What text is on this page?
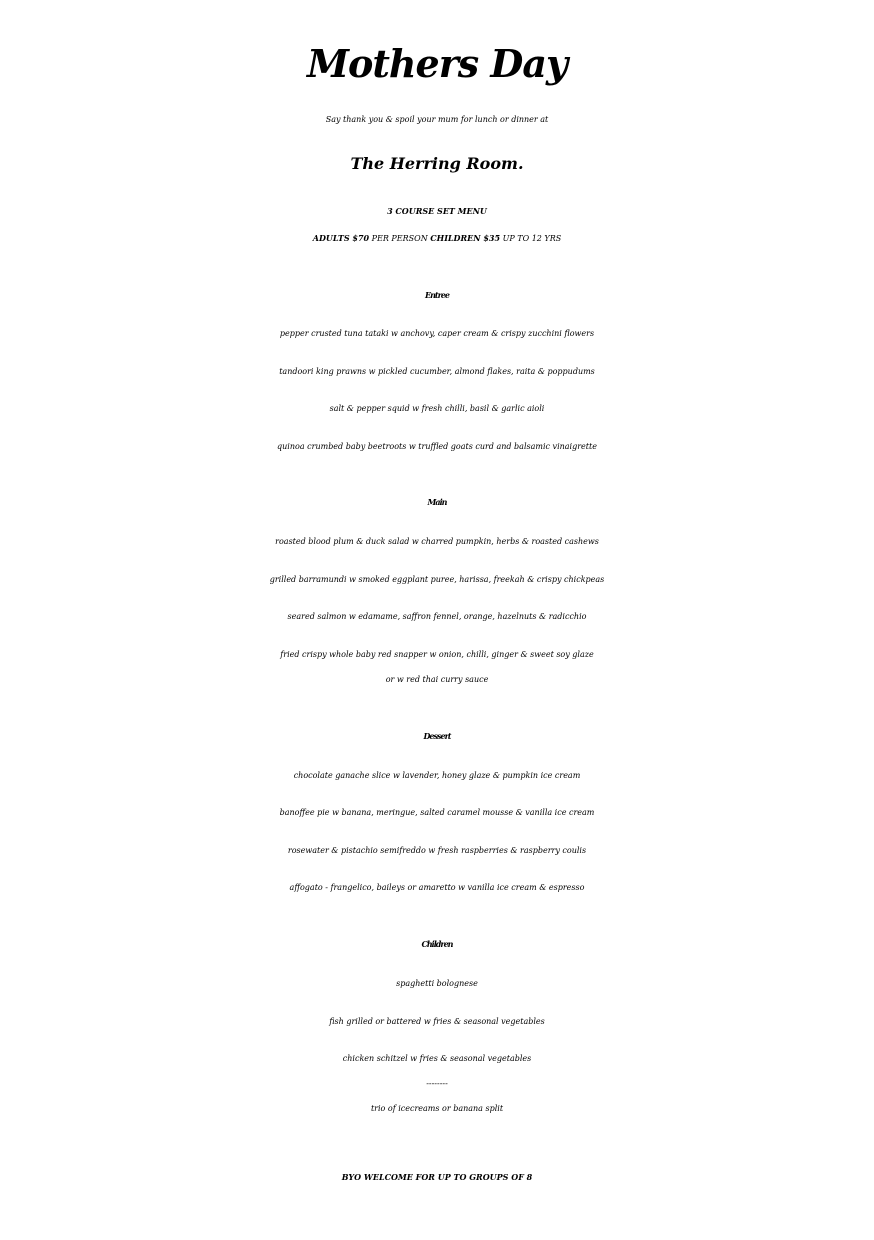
Mothers Day
Say thank you & spoil your mum for lunch or dinner at
The Herring Room.
3 COURSE SET MENU
ADULTS $70 PER PERSON CHILDREN $35 UP TO 12 YRS
Entree
pepper crusted tuna tataki w anchovy, caper cream & crispy zucchini flowers
tandoori king prawns w pickled cucumber, almond flakes, raita & poppudums
salt & pepper squid w fresh chilli, basil & garlic aioli
quinoa crumbed baby beetroots w truffled goats curd and balsamic vinaigrette
Main
roasted blood plum & duck salad w charred pumpkin, herbs & roasted cashews
grilled barramundi w smoked eggplant puree, harissa, freekah & crispy chickpeas
seared salmon w edamame, saffron fennel, orange, hazelnuts & radicchio
fried crispy whole baby red snapper w onion, chilli, ginger & sweet soy glaze
or w red thai curry sauce
Dessert
chocolate ganache slice w lavender, honey glaze & pumpkin ice cream
banoffee pie w banana, meringue, salted caramel mousse & vanilla ice cream
rosewater & pistachio semifreddo w fresh raspberries & raspberry coulis
affogato - frangelico, baileys or amaretto w vanilla ice cream & espresso
Children
spaghetti bolognese
fish grilled or battered w fries & seasonal vegetables
chicken schitzel w fries & seasonal vegetables
--------
trio of icecreams or banana split
BYO WELCOME FOR UP TO GROUPS OF 8
